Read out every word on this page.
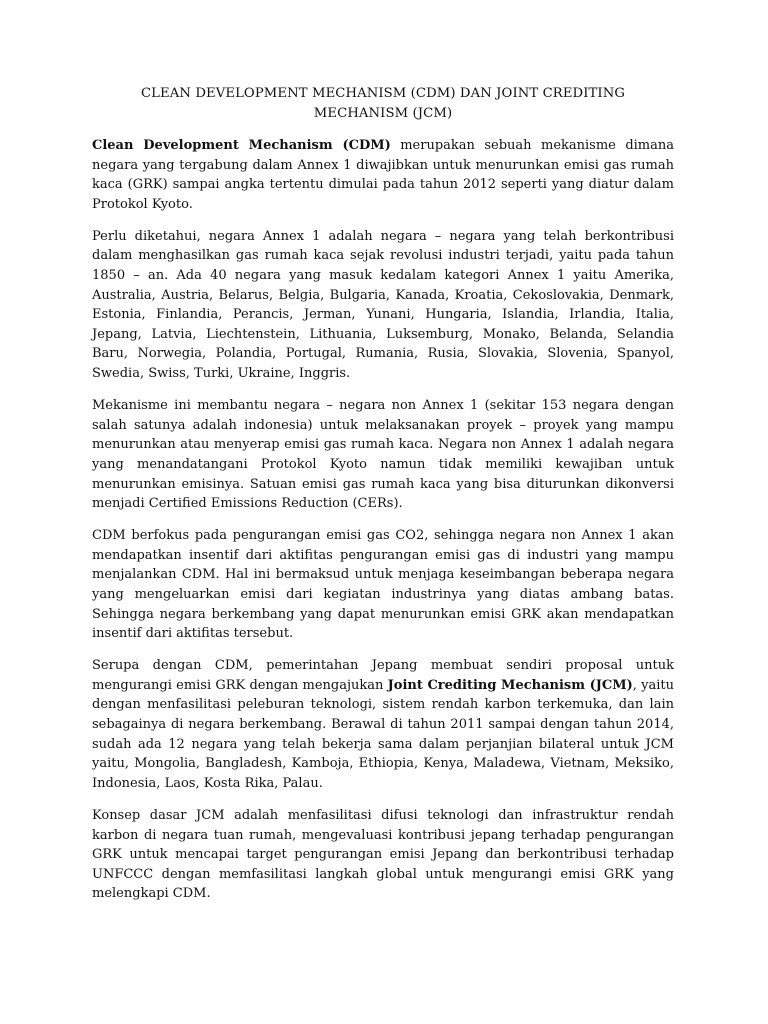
CLEAN DEVELOPMENT MECHANISM (CDM) DAN JOINT CREDITING MECHANISM (JCM)

Clean Development Mechanism (CDM) merupakan sebuah mekanisme dimana negara yang tergabung dalam Annex 1 diwajibkan untuk menurunkan emisi gas rumah kaca (GRK) sampai angka tertentu dimulai pada tahun 2012 seperti yang diatur dalam Protokol Kyoto.

Perlu diketahui, negara Annex 1 adalah negara – negara yang telah berkontribusi dalam menghasilkan gas rumah kaca sejak revolusi industri terjadi, yaitu pada tahun 1850 – an. Ada 40 negara yang masuk kedalam kategori Annex 1 yaitu Amerika, Australia, Austria, Belarus, Belgia, Bulgaria, Kanada, Kroatia, Cekoslovakia, Denmark, Estonia, Finlandia, Perancis, Jerman, Yunani, Hungaria, Islandia, Irlandia, Italia, Jepang, Latvia, Liechtenstein, Lithuania, Luksemburg, Monako, Belanda, Selandia Baru, Norwegia, Polandia, Portugal, Rumania, Rusia, Slovakia, Slovenia, Spanyol, Swedia, Swiss, Turki, Ukraine, Inggris.

Mekanisme ini membantu negara – negara non Annex 1 (sekitar 153 negara dengan salah satunya adalah indonesia) untuk melaksanakan proyek – proyek yang mampu menurunkan atau menyerap emisi gas rumah kaca. Negara non Annex 1 adalah negara yang menandatangani Protokol Kyoto namun tidak memiliki kewajiban untuk menurunkan emisinya. Satuan emisi gas rumah kaca yang bisa diturunkan dikonversi menjadi Certified Emissions Reduction (CERs).

CDM berfokus pada pengurangan emisi gas CO2, sehingga negara non Annex 1 akan mendapatkan insentif dari aktifitas pengurangan emisi gas di industri yang mampu menjalankan CDM. Hal ini bermaksud untuk menjaga keseimbangan beberapa negara yang mengeluarkan emisi dari kegiatan industrinya yang diatas ambang batas. Sehingga negara berkembang yang dapat menurunkan emisi GRK akan mendapatkan insentif dari aktifitas tersebut.

Serupa dengan CDM, pemerintahan Jepang membuat sendiri proposal untuk mengurangi emisi GRK dengan mengajukan Joint Crediting Mechanism (JCM), yaitu dengan menfasilitasi peleburan teknologi, sistem rendah karbon terkemuka, dan lain sebagainya di negara berkembang. Berawal di tahun 2011 sampai dengan tahun 2014, sudah ada 12 negara yang telah bekerja sama dalam perjanjian bilateral untuk JCM yaitu, Mongolia, Bangladesh, Kamboja, Ethiopia, Kenya, Maladewa, Vietnam, Meksiko, Indonesia, Laos, Kosta Rika, Palau.

Konsep dasar JCM adalah menfasilitasi difusi teknologi dan infrastruktur rendah karbon di negara tuan rumah, mengevaluasi kontribusi jepang terhadap pengurangan GRK untuk mencapai target pengurangan emisi Jepang dan berkontribusi terhadap UNFCCC dengan memfasilitasi langkah global untuk mengurangi emisi GRK yang melengkapi CDM.
